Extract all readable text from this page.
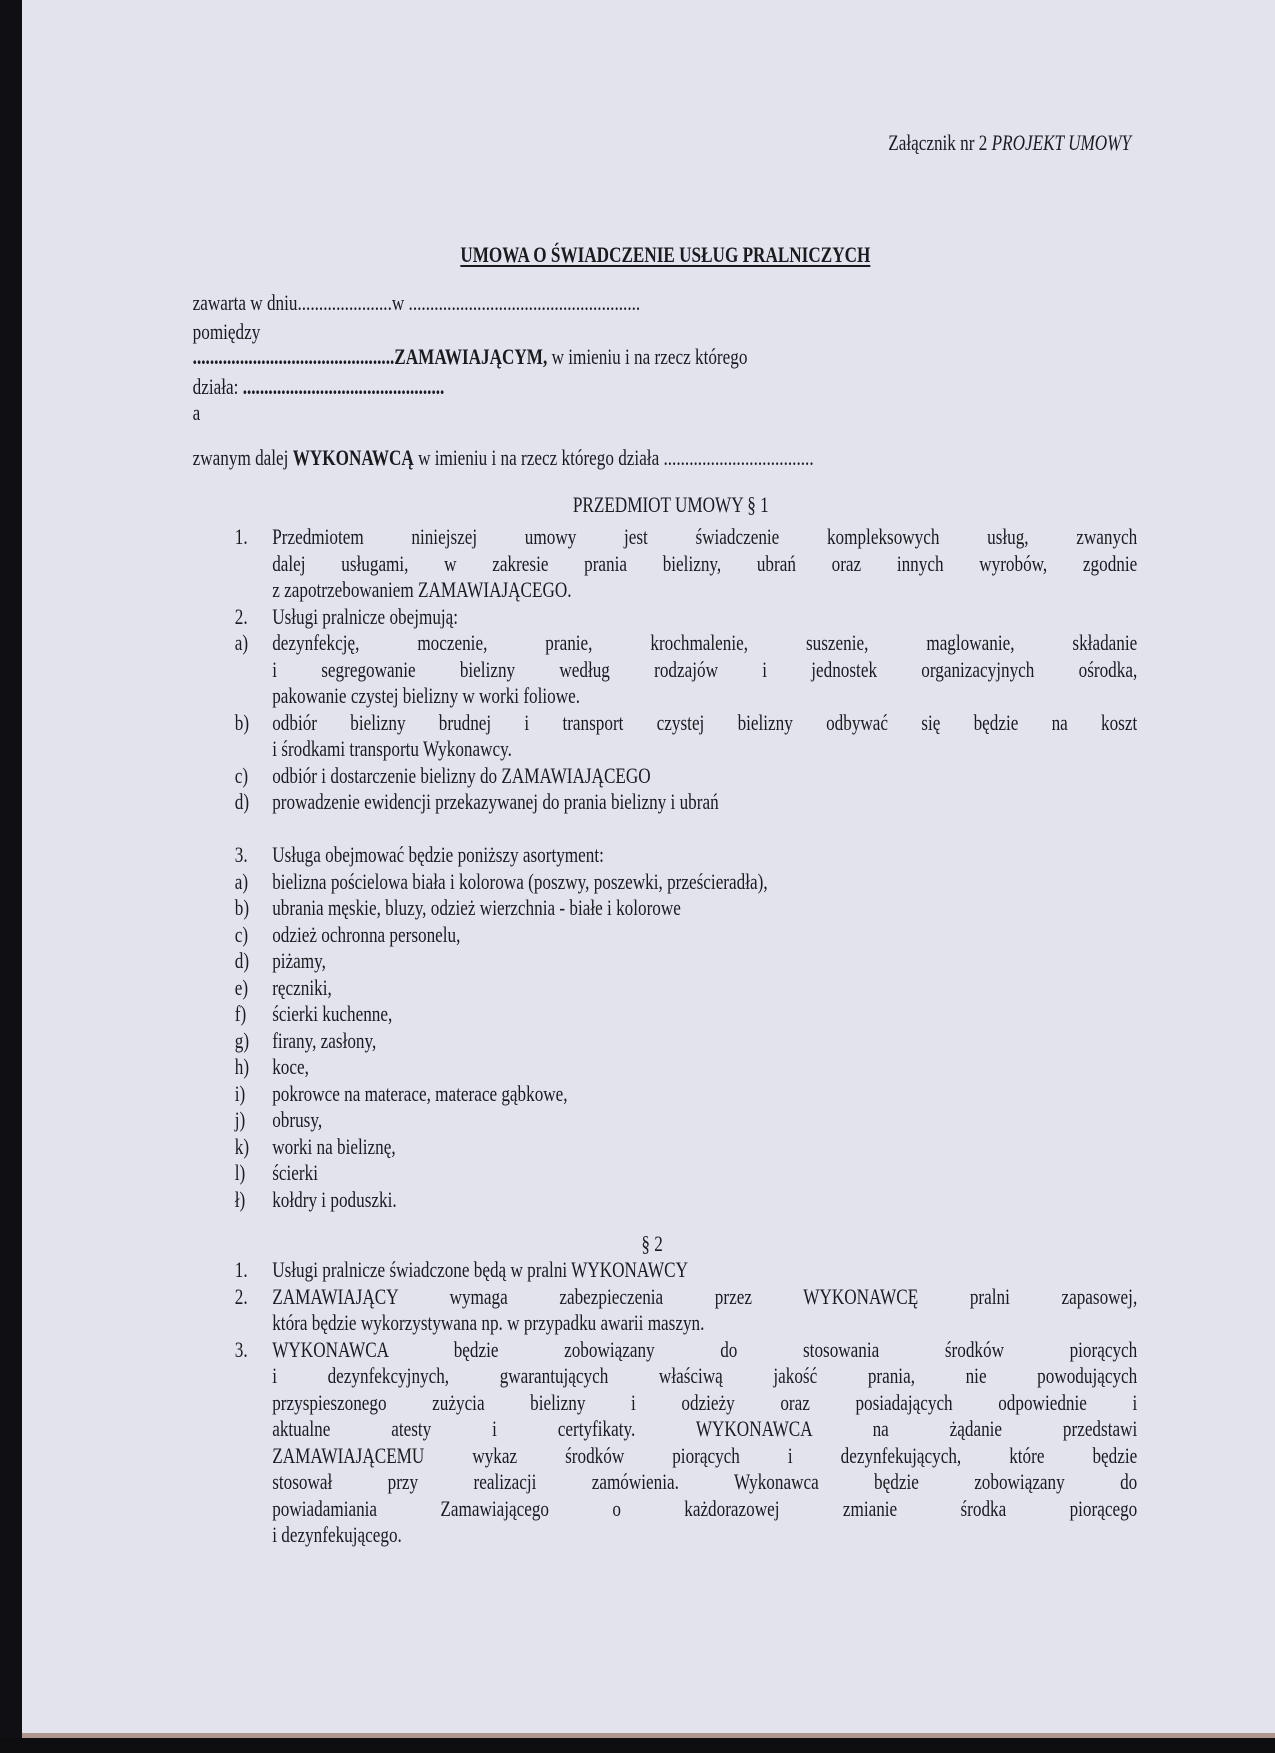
Załącznik nr 2 PROJEKT UMOWY
UMOWA O ŚWIADCZENIE USŁUG PRALNICZYCH
zawarta w dniu......................w ......................................................
pomiędzy
...............................................ZAMAWIAJĄCYM, w imieniu i na rzecz którego
działa: ...............................................
a
zwanym dalej WYKONAWCĄ w imieniu i na rzecz którego działa ...................................
PRZEDMIOT UMOWY § 1
1.	Przedmiotem niniejszej umowy jest świadczenie kompleksowych usług, zwanych
dalej usługami, w zakresie prania bielizny, ubrań oraz innych wyrobów, zgodnie
z zapotrzebowaniem ZAMAWIAJĄCEGO.
2.	Usługi pralnicze obejmują:
a)	dezynfekcję, moczenie, pranie, krochmalenie, suszenie, maglowanie, składanie
i segregowanie bielizny według rodzajów i jednostek organizacyjnych ośrodka,
pakowanie czystej bielizny w worki foliowe.
b)	odbiór bielizny brudnej i transport czystej bielizny odbywać się będzie na koszt
i środkami transportu Wykonawcy.
c)	odbiór i dostarczenie bielizny do ZAMAWIAJĄCEGO
d)	prowadzenie ewidencji przekazywanej do prania bielizny i ubrań
3.	Usługa obejmować będzie poniższy asortyment:
a)	bielizna pościelowa biała i kolorowa (poszwy, poszewki, prześcieradła),
b)	ubrania męskie, bluzy, odzież wierzchnia - białe i kolorowe
c)	odzież ochronna personelu,
d)	piżamy,
e)	ręczniki,
f)	ścierki kuchenne,
g)	firany, zasłony,
h)	koce,
i)	pokrowce na materace, materace gąbkowe,
j)	obrusy,
k)	worki na bieliznę,
l)	ścierki
ł)	kołdry i poduszki.
§ 2
1.	Usługi pralnicze świadczone będą w pralni WYKONAWCY
2.	ZAMAWIAJĄCY wymaga zabezpieczenia przez WYKONAWCĘ pralni zapasowej,
która będzie wykorzystywana np. w przypadku awarii maszyn.
3.	WYKONAWCA będzie zobowiązany do stosowania środków piorących
i dezynfekcyjnych, gwarantujących właściwą jakość prania, nie powodujących
przyspieszonego zużycia bielizny i odzieży oraz posiadających odpowiednie i
aktualne atesty i certyfikaty. WYKONAWCA na żądanie przedstawi
ZAMAWIAJĄCEMU wykaz środków piorących i dezynfekujących, które będzie
stosował przy realizacji zamówienia. Wykonawca będzie zobowiązany do
powiadamiania Zamawiającego o każdorazowej zmianie środka piorącego
i dezynfekującego.
